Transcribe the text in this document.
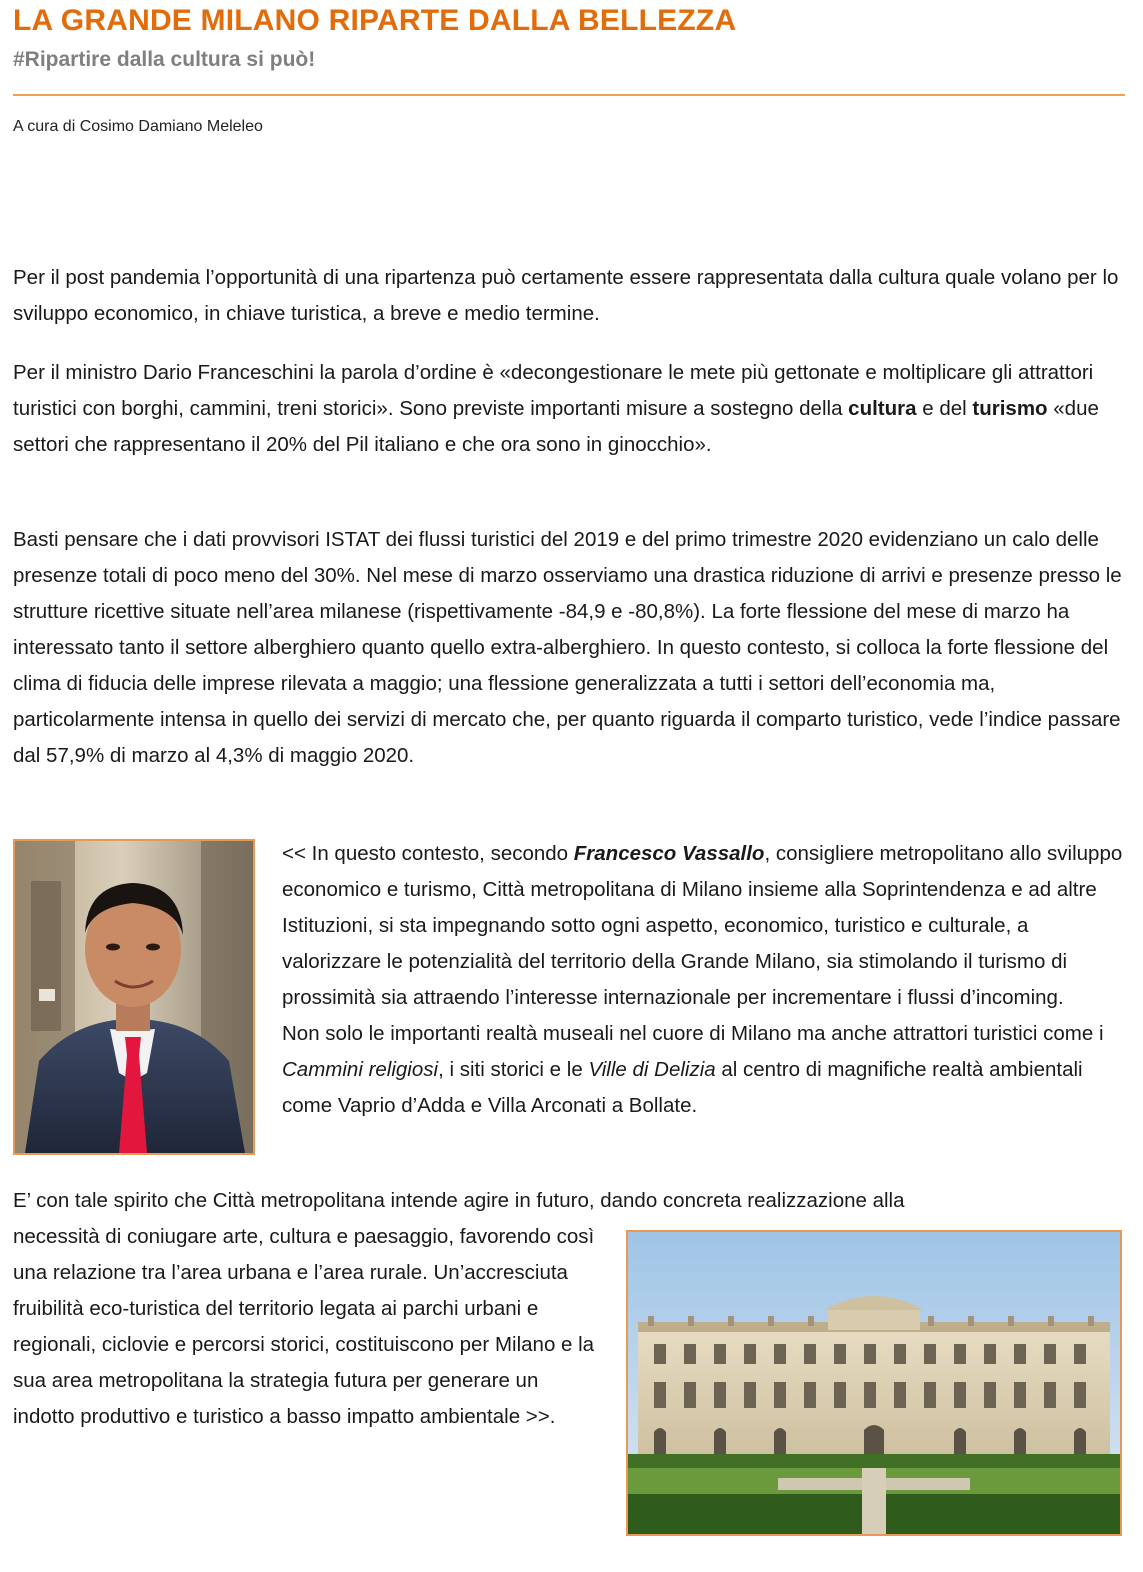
LA GRANDE MILANO RIPARTE DALLA BELLEZZA
#Ripartire dalla cultura si può!
A cura di Cosimo Damiano Meleleo

Per il post pandemia l’opportunità di una ripartenza può certamente essere rappresentata dalla cultura quale volano per lo sviluppo economico, in chiave turistica, a breve e medio termine.

Per il ministro Dario Franceschini la parola d’ordine è «decongestionare le mete più gettonate e moltiplicare gli attrattori turistici con borghi, cammini, treni storici». Sono previste importanti misure a sostegno della cultura e del turismo «due settori che rappresentano il 20% del Pil italiano e che ora sono in ginocchio».

Basti pensare che i dati provvisori ISTAT dei flussi turistici del 2019 e del primo trimestre 2020 evidenziano un calo delle presenze totali di poco meno del 30%. Nel mese di marzo osserviamo una drastica riduzione di arrivi e presenze presso le strutture ricettive situate nell’area milanese (rispettivamente -84,9 e -80,8%). La forte flessione del mese di marzo ha interessato tanto il settore alberghiero quanto quello extra-alberghiero. In questo contesto, si colloca la forte flessione del clima di fiducia delle imprese rilevata a maggio; una flessione generalizzata a tutti i settori dell’economia ma, particolarmente intensa in quello dei servizi di mercato che, per quanto riguarda il comparto turistico, vede l’indice passare dal 57,9% di marzo al 4,3% di maggio 2020.

<< In questo contesto, secondo Francesco Vassallo, consigliere metropolitano allo sviluppo economico e turismo, Città metropolitana di Milano insieme alla Soprintendenza e ad altre Istituzioni, si sta impegnando sotto ogni aspetto, economico, turistico e culturale, a valorizzare le potenzialità del territorio della Grande Milano, sia stimolando il turismo di prossimità sia attraendo l’interesse internazionale per incrementare i flussi d’incoming.
Non solo le importanti realtà museali nel cuore di Milano ma anche attrattori turistici come i Cammini religiosi, i siti storici e le Ville di Delizia al centro di magnifiche realtà ambientali come Vaprio d’Adda e Villa Arconati a Bollate.

E’ con tale spirito che Città metropolitana intende agire in futuro, dando concreta realizzazione alla

necessità di coniugare arte, cultura e paesaggio, favorendo così una relazione tra l’area urbana e l’area rurale. Un’accresciuta fruibilità eco-turistica del territorio legata ai parchi urbani e regionali, ciclovie e percorsi storici, costituiscono per Milano e la sua area metropolitana la strategia futura per generare un indotto produttivo e turistico a basso impatto ambientale >>.
